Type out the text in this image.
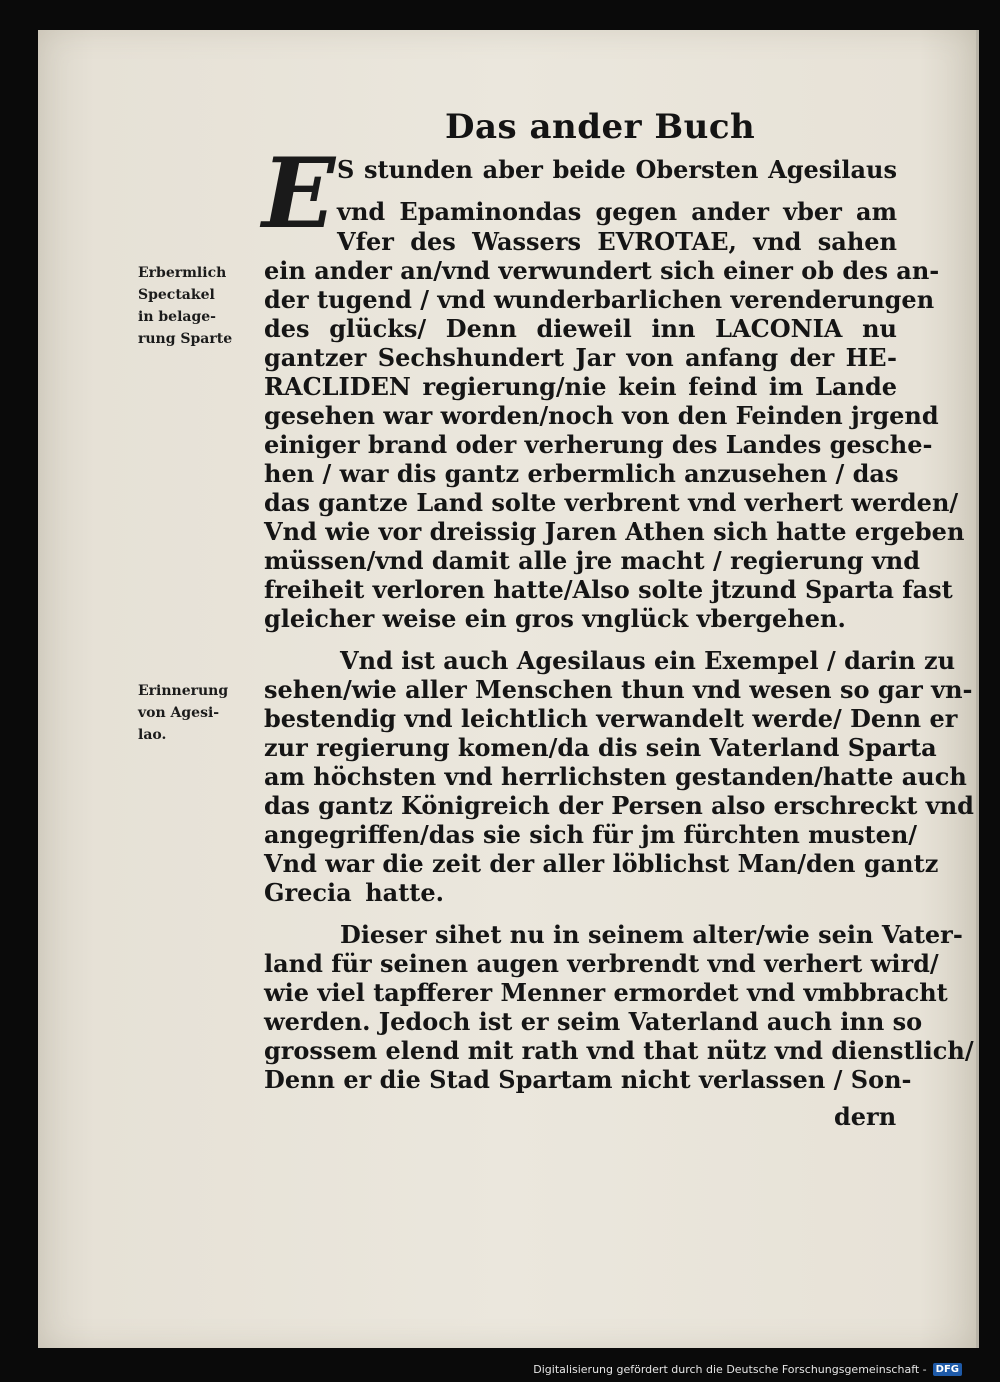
Das ander Buch
E S stunden aber beide Obersten Agesilaus
vnd Epaminondas gegen ander vber am
Vfer des Wassers EVROTAE, vnd sahen
ein ander an/vnd verwundert sich einer ob des an-
der tugend / vnd wunderbarlichen verenderungen
des glücks/ Denn dieweil inn LACONIA nu
gantzer Sechshundert Jar von anfang der HE-
RACLIDEN regierung/nie kein feind im Lande
gesehen war worden/noch von den Feinden jrgend
einiger brand oder verherung des Landes gesche-
hen / war dis gantz erbermlich anzusehen / das
das gantze Land solte verbrent vnd verhert werden/
Vnd wie vor dreissig Jaren Athen sich hatte ergeben
müssen/vnd damit alle jre macht / regierung vnd
freiheit verloren hatte/Also solte jtzund Sparta fast
gleicher weise ein gros vnglück vbergehen.
Vnd ist auch Agesilaus ein Exempel / darin zu
sehen/wie aller Menschen thun vnd wesen so gar vn-
bestendig vnd leichtlich verwandelt werde/ Denn er
zur regierung komen/da dis sein Vaterland Sparta
am höchsten vnd herrlichsten gestanden/hatte auch
das gantz Königreich der Persen also erschreckt vnd
angegriffen/das sie sich für jm fürchten musten/
Vnd war die zeit der aller löblichst Man/den gantz
Grecia hatte.
Dieser sihet nu in seinem alter/wie sein Vater-
land für seinen augen verbrendt vnd verhert wird/
wie viel tapfferer Menner ermordet vnd vmbbracht
werden. Jedoch ist er seim Vaterland auch inn so
grossem elend mit rath vnd that nütz vnd dienstlich/
Denn er die Stad Spartam nicht verlassen / Son-
dern
Erbermlich
Spectakel
in belage-
rung Sparte
Erinnerung
von Agesi-
lao.
Digitalisierung gefördert durch die Deutsche Forschungsgemeinschaft - DFG
